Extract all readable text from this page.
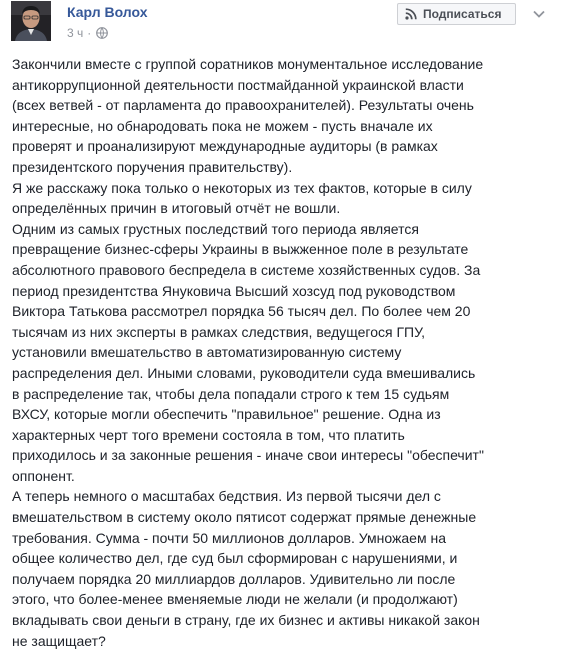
Карл Волох
3 ч ·
Подписаться
Закончили вместе с группой соратников монументальное исследование
антикоррупционной деятельности постмайданной украинской власти
(всех ветвей - от парламента до правоохранителей). Результаты очень
интересные, но обнародовать пока не можем - пусть вначале их
проверят и проанализируют международные аудиторы (в рамках
президентского поручения правительству).
Я же расскажу пока только о некоторых из тех фактов, которые в силу
определённых причин в итоговый отчёт не вошли.
Одним из самых грустных последствий того периода является
превращение бизнес-сферы Украины в выжженное поле в результате
абсолютного правового беспредела в системе хозяйственных судов. За
период президентства Януковича Высший хозсуд под руководством
Виктора Татькова рассмотрел порядка 56 тысяч дел. По более чем 20
тысячам из них эксперты в рамках следствия, ведущегося ГПУ,
установили вмешательство в автоматизированную систему
распределения дел. Иными словами, руководители суда вмешивались
в распределение так, чтобы дела попадали строго к тем 15 судьям
ВХСУ, которые могли обеспечить "правильное" решение. Одна из
характерных черт того времени состояла в том, что платить
приходилось и за законные решения - иначе свои интересы "обеспечит"
оппонент.
А теперь немного о масштабах бедствия. Из первой тысячи дел с
вмешательством в систему около пятисот содержат прямые денежные
требования. Сумма - почти 50 миллионов долларов. Умножаем на
общее количество дел, где суд был сформирован с нарушениями, и
получаем порядка 20 миллиардов долларов. Удивительно ли после
этого, что более-менее вменяемые люди не желали (и продолжают)
вкладывать свои деньги в страну, где их бизнес и активы никакой закон
не защищает?
